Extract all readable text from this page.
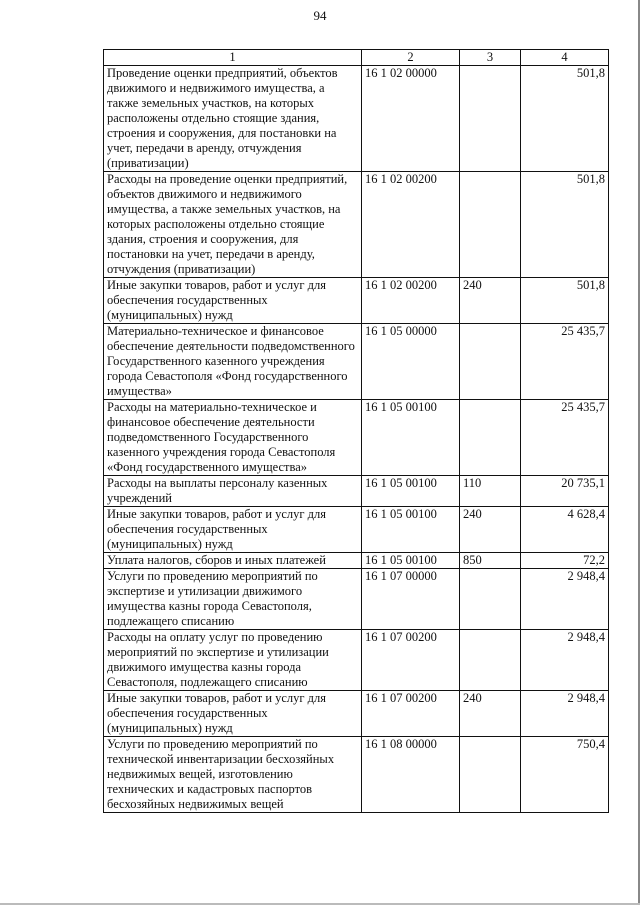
94
1	2	3	4
Проведение оценки предприятий, объектов движимого и недвижимого имущества, а также земельных участков, на которых расположены отдельно стоящие здания, строения и сооружения, для постановки на учет, передачи в аренду, отчуждения (приватизации)	16 1 02 00000		501,8
Расходы на проведение оценки предприятий, объектов движимого и недвижимого имущества, а также земельных участков, на которых расположены отдельно стоящие здания, строения и сооружения, для постановки на учет, передачи в аренду, отчуждения (приватизации)	16 1 02 00200		501,8
Иные закупки товаров, работ и услуг для обеспечения государственных (муниципальных) нужд	16 1 02 00200	240	501,8
Материально-техническое и финансовое обеспечение деятельности подведомственного Государственного казенного учреждения города Севастополя «Фонд государственного имущества»	16 1 05 00000		25 435,7
Расходы на материально-техническое и финансовое обеспечение деятельности подведомственного Государственного казенного учреждения города Севастополя «Фонд государственного имущества»	16 1 05 00100		25 435,7
Расходы на выплаты персоналу казенных учреждений	16 1 05 00100	110	20 735,1
Иные закупки товаров, работ и услуг для обеспечения государственных (муниципальных) нужд	16 1 05 00100	240	4 628,4
Уплата налогов, сборов и иных платежей	16 1 05 00100	850	72,2
Услуги по проведению мероприятий по экспертизе и утилизации движимого имущества казны города Севастополя, подлежащего списанию	16 1 07 00000		2 948,4
Расходы на оплату услуг по проведению мероприятий по экспертизе и утилизации движимого имущества казны города Севастополя, подлежащего списанию	16 1 07 00200		2 948,4
Иные закупки товаров, работ и услуг для обеспечения государственных (муниципальных) нужд	16 1 07 00200	240	2 948,4
Услуги по проведению мероприятий по технической инвентаризации бесхозяйных недвижимых вещей, изготовлению технических и кадастровых паспортов бесхозяйных недвижимых вещей	16 1 08 00000		750,4
